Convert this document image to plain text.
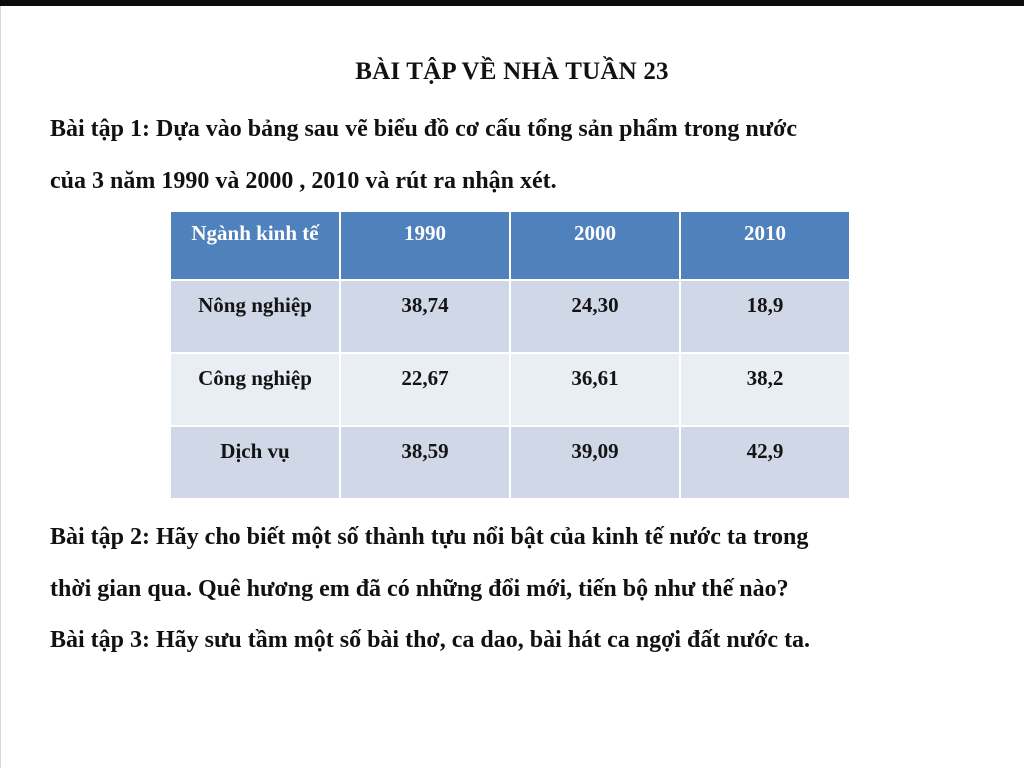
BÀI TẬP VỀ NHÀ TUẦN 23
Bài tập 1: Dựa vào bảng sau vẽ biểu đồ cơ cấu tổng sản phẩm trong nước
của 3 năm 1990 và 2000 , 2010 và rút ra nhận xét.
Ngành kinh tế	1990	2000	2010
Nông nghiệp	38,74	24,30	18,9
Công nghiệp	22,67	36,61	38,2
Dịch vụ	38,59	39,09	42,9
Bài tập 2: Hãy cho biết một số thành tựu nổi bật của kinh tế nước ta trong
thời gian qua. Quê hương em đã có những đổi mới, tiến bộ như thế nào?
Bài tập 3: Hãy sưu tầm một số bài thơ, ca dao, bài hát ca ngợi đất nước ta.
